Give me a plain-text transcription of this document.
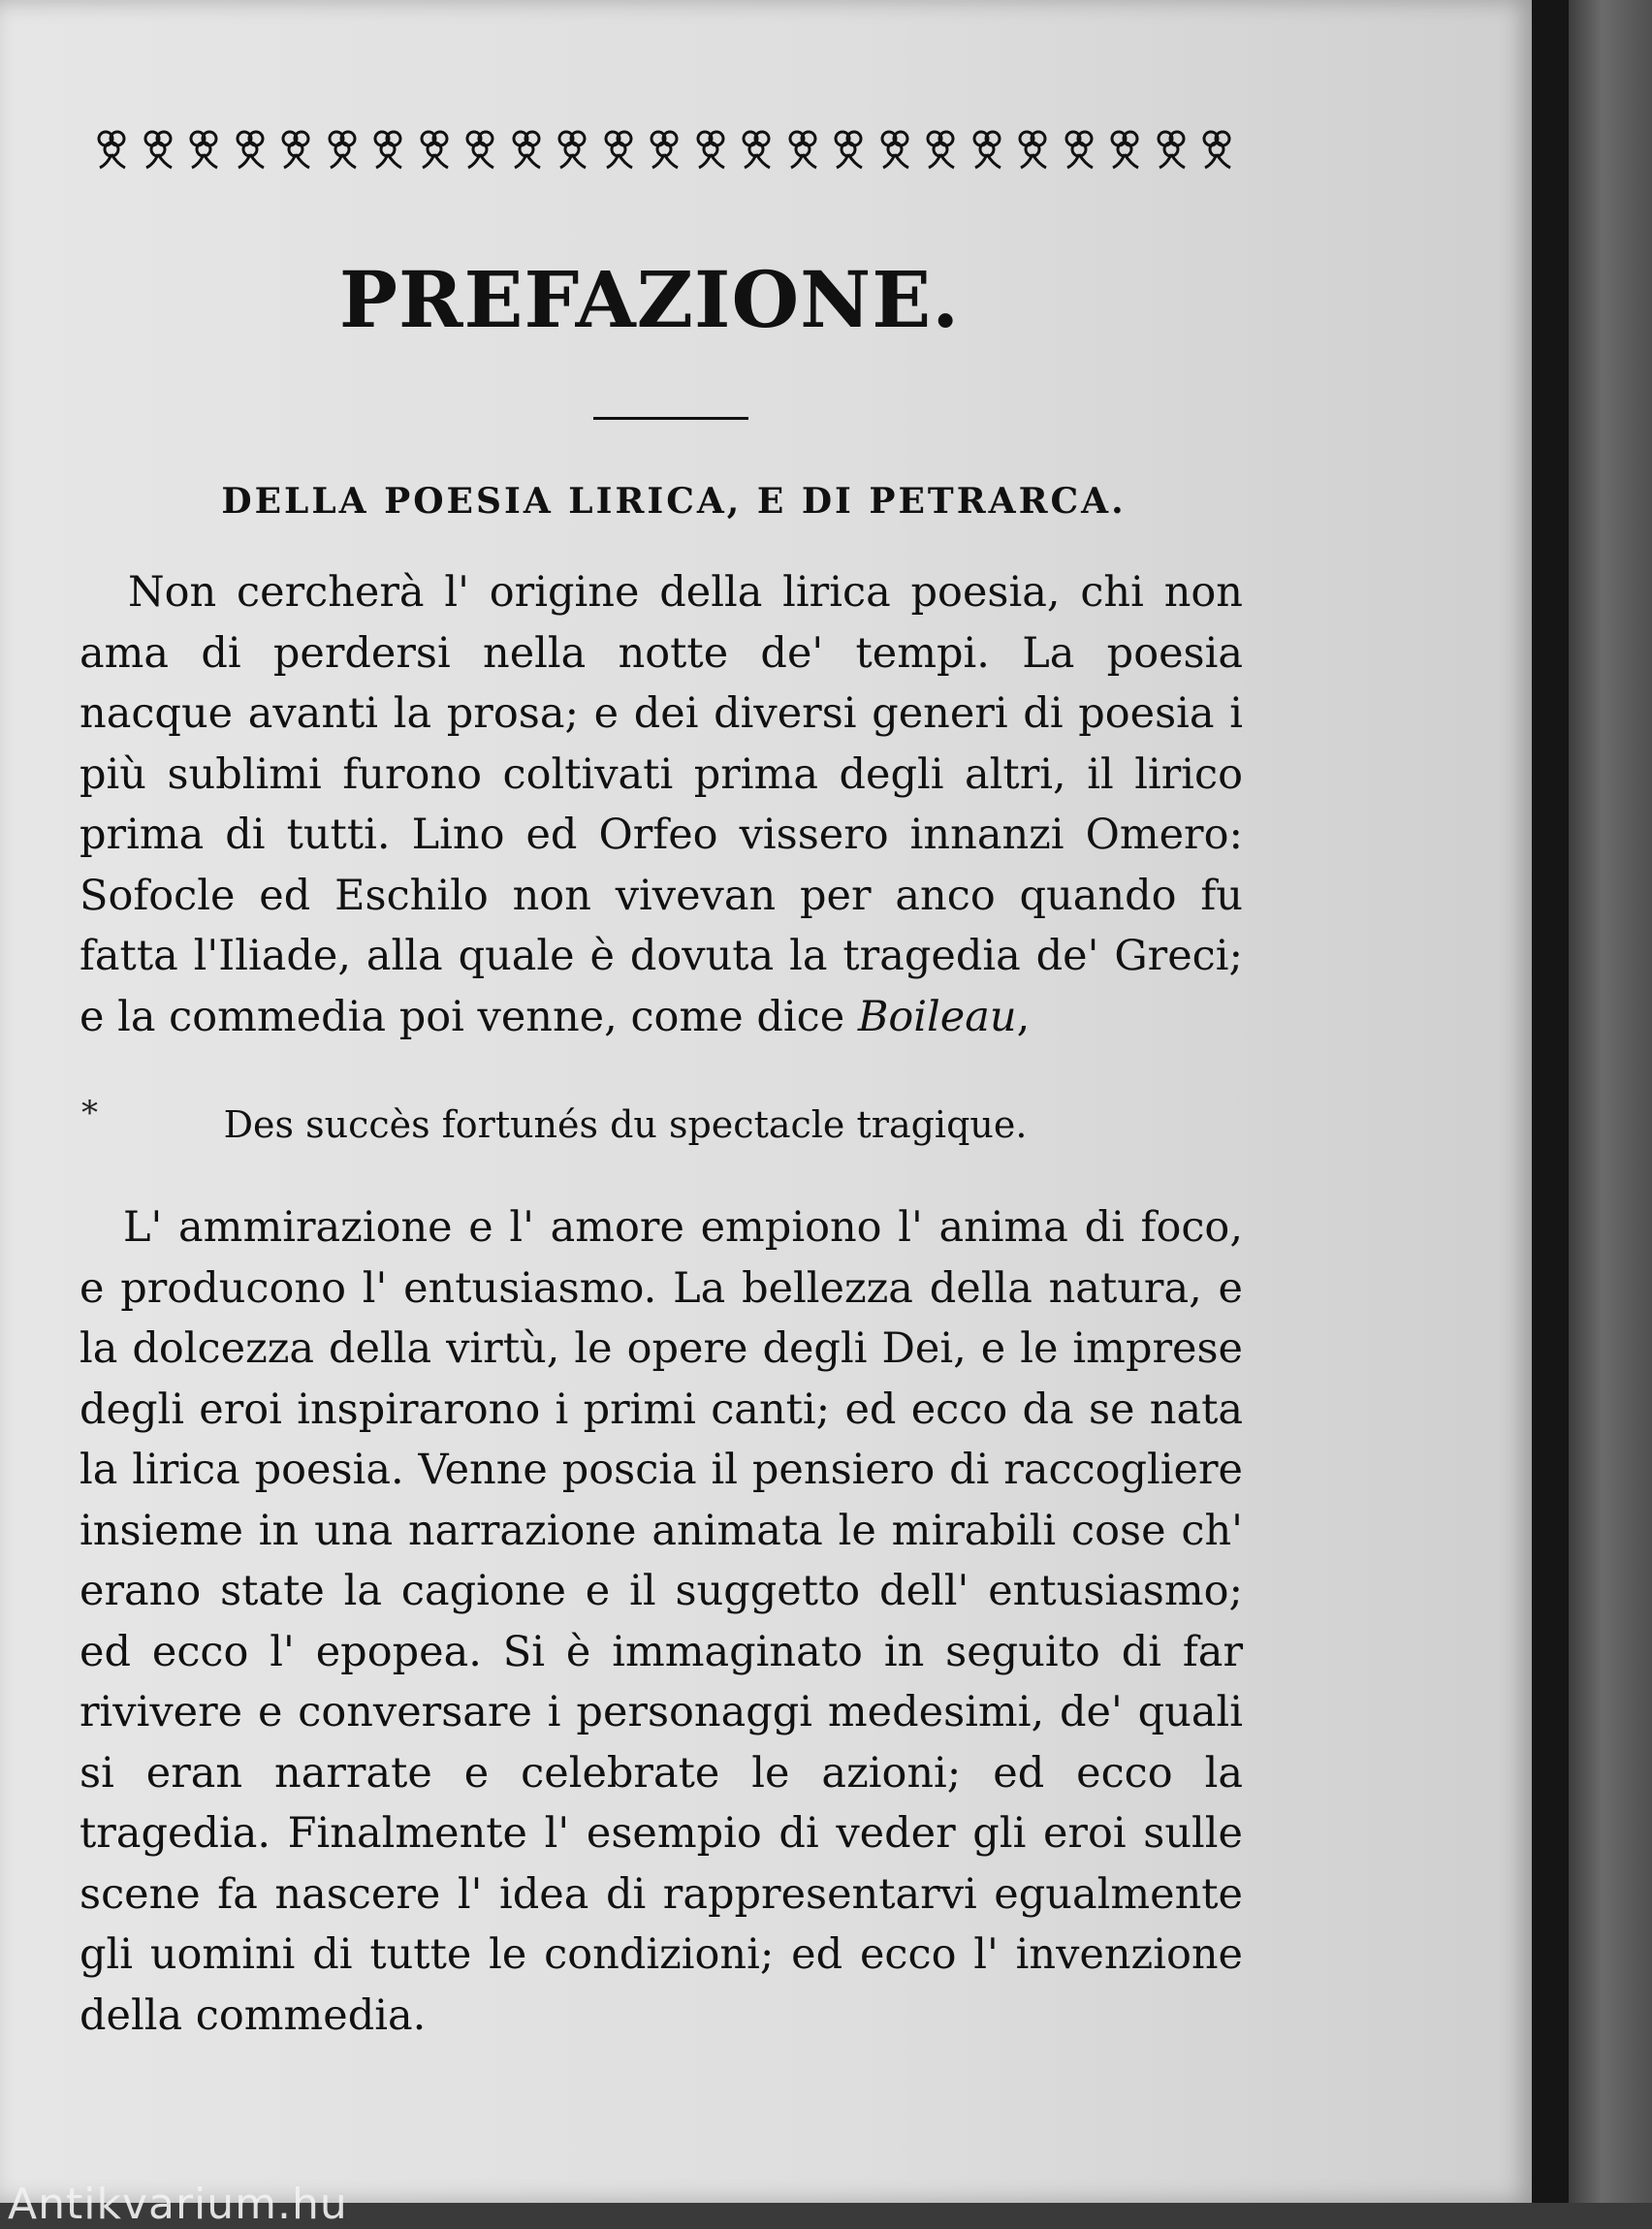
PREFAZIONE.
DELLA POESIA LIRICA, E DI PETRARCA.

Non cercherà l' origine della lirica poesia, chi non ama di perdersi nella notte de' tempi. La poesia nacque avanti la prosa; e dei diversi generi di poesia i più sublimi furono coltivati prima degli altri, il lirico prima di tutti. Lino ed Orfeo vissero innanzi Omero: Sofocle ed Eschilo non vivevan per anco quando fu fatta l'Iliade, alla quale è dovuta la tragedia de' Greci; e la commedia poi venne, come dice Boileau,

*	Des succès fortunés du spectacle tragique.

L' ammirazione e l' amore empiono l' anima di foco, e producono l' entusiasmo. La bellezza della natura, e la dolcezza della virtù, le opere degli Dei, e le imprese degli eroi inspirarono i primi canti; ed ecco da se nata la lirica poesia. Venne poscia il pensiero di raccogliere insieme in una narrazione animata le mirabili cose ch' erano state la cagione e il suggetto dell' entusiasmo; ed ecco l' epopea. Si è immaginato in seguito di far rivivere e conversare i personaggi medesimi, de' quali si eran narrate e celebrate le azioni; ed ecco la tragedia. Finalmente l' esempio di veder gli eroi sulle scene fa nascere l' idea di rappresentarvi egualmente gli uomini di tutte le condizioni; ed ecco l' invenzione della commedia.

Antikvarium.hu
